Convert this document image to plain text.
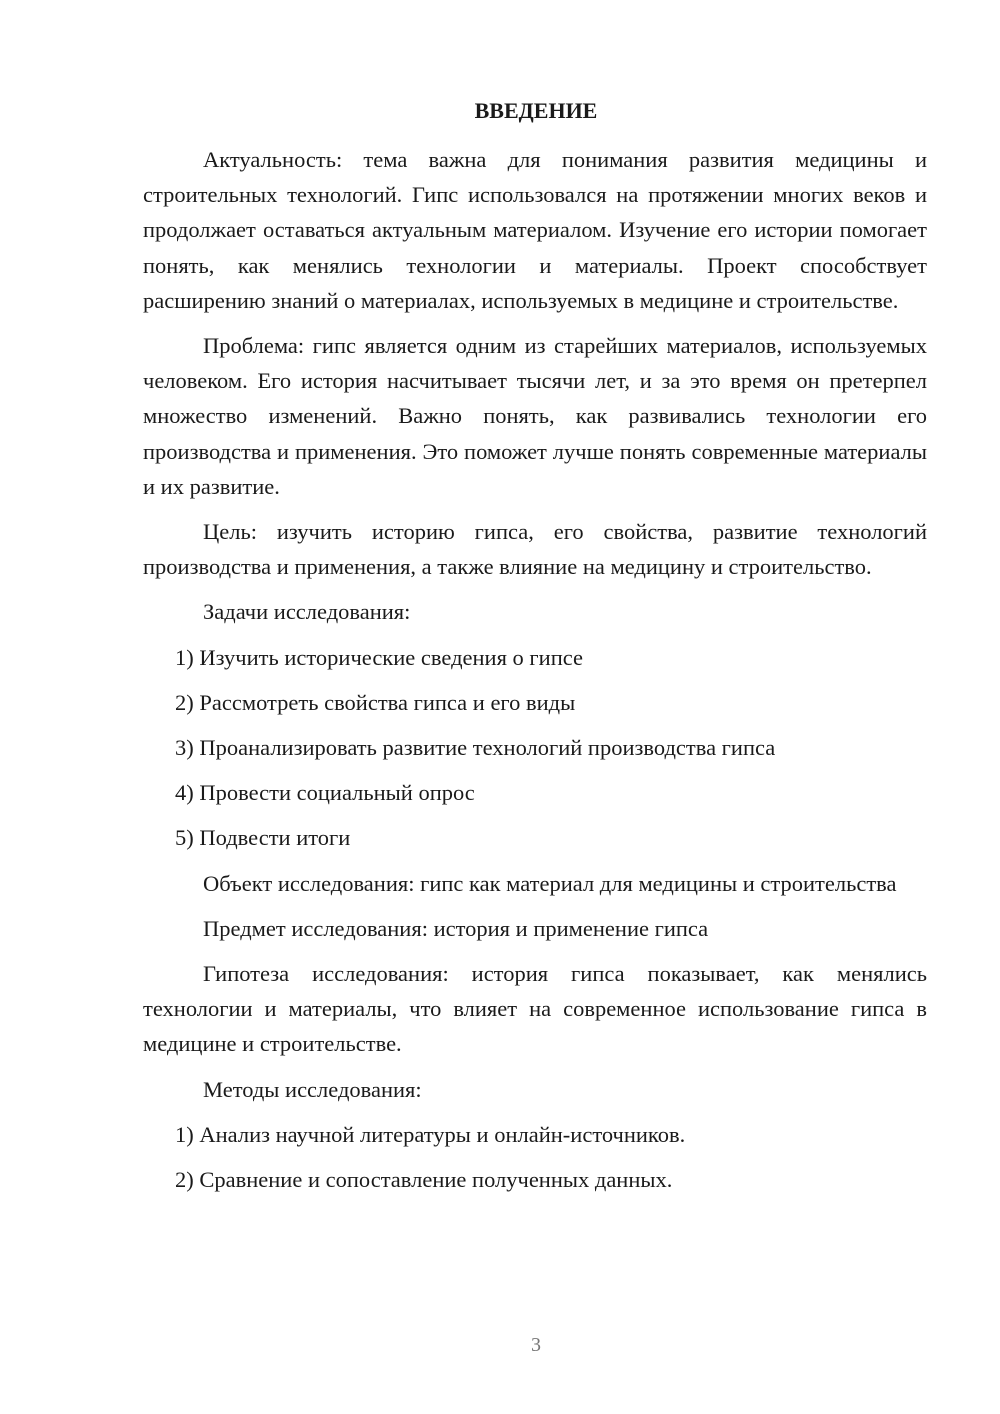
ВВЕДЕНИЕ

Актуальность: тема важна для понимания развития медицины и строительных технологий. Гипс использовался на протяжении многих веков и продолжает оставаться актуальным материалом. Изучение его истории помогает понять, как менялись технологии и материалы. Проект способствует расширению знаний о материалах, используемых в медицине и строительстве.

Проблема: гипс является одним из старейших материалов, используемых человеком. Его история насчитывает тысячи лет, и за это время он претерпел множество изменений. Важно понять, как развивались технологии его производства и применения. Это поможет лучше понять современные материалы и их развитие.

Цель: изучить историю гипса, его свойства, развитие технологий производства и применения, а также влияние на медицину и строительство.

Задачи исследования:

1) Изучить исторические сведения о гипсе
2) Рассмотреть свойства гипса и его виды
3) Проанализировать развитие технологий производства гипса
4) Провести социальный опрос
5) Подвести итоги

Объект исследования: гипс как материал для медицины и строительства

Предмет исследования: история и применение гипса

Гипотеза исследования: история гипса показывает, как менялись технологии и материалы, что влияет на современное использование гипса в медицине и строительстве.

Методы исследования:

1) Анализ научной литературы и онлайн-источников.
2) Сравнение и сопоставление полученных данных.
3
